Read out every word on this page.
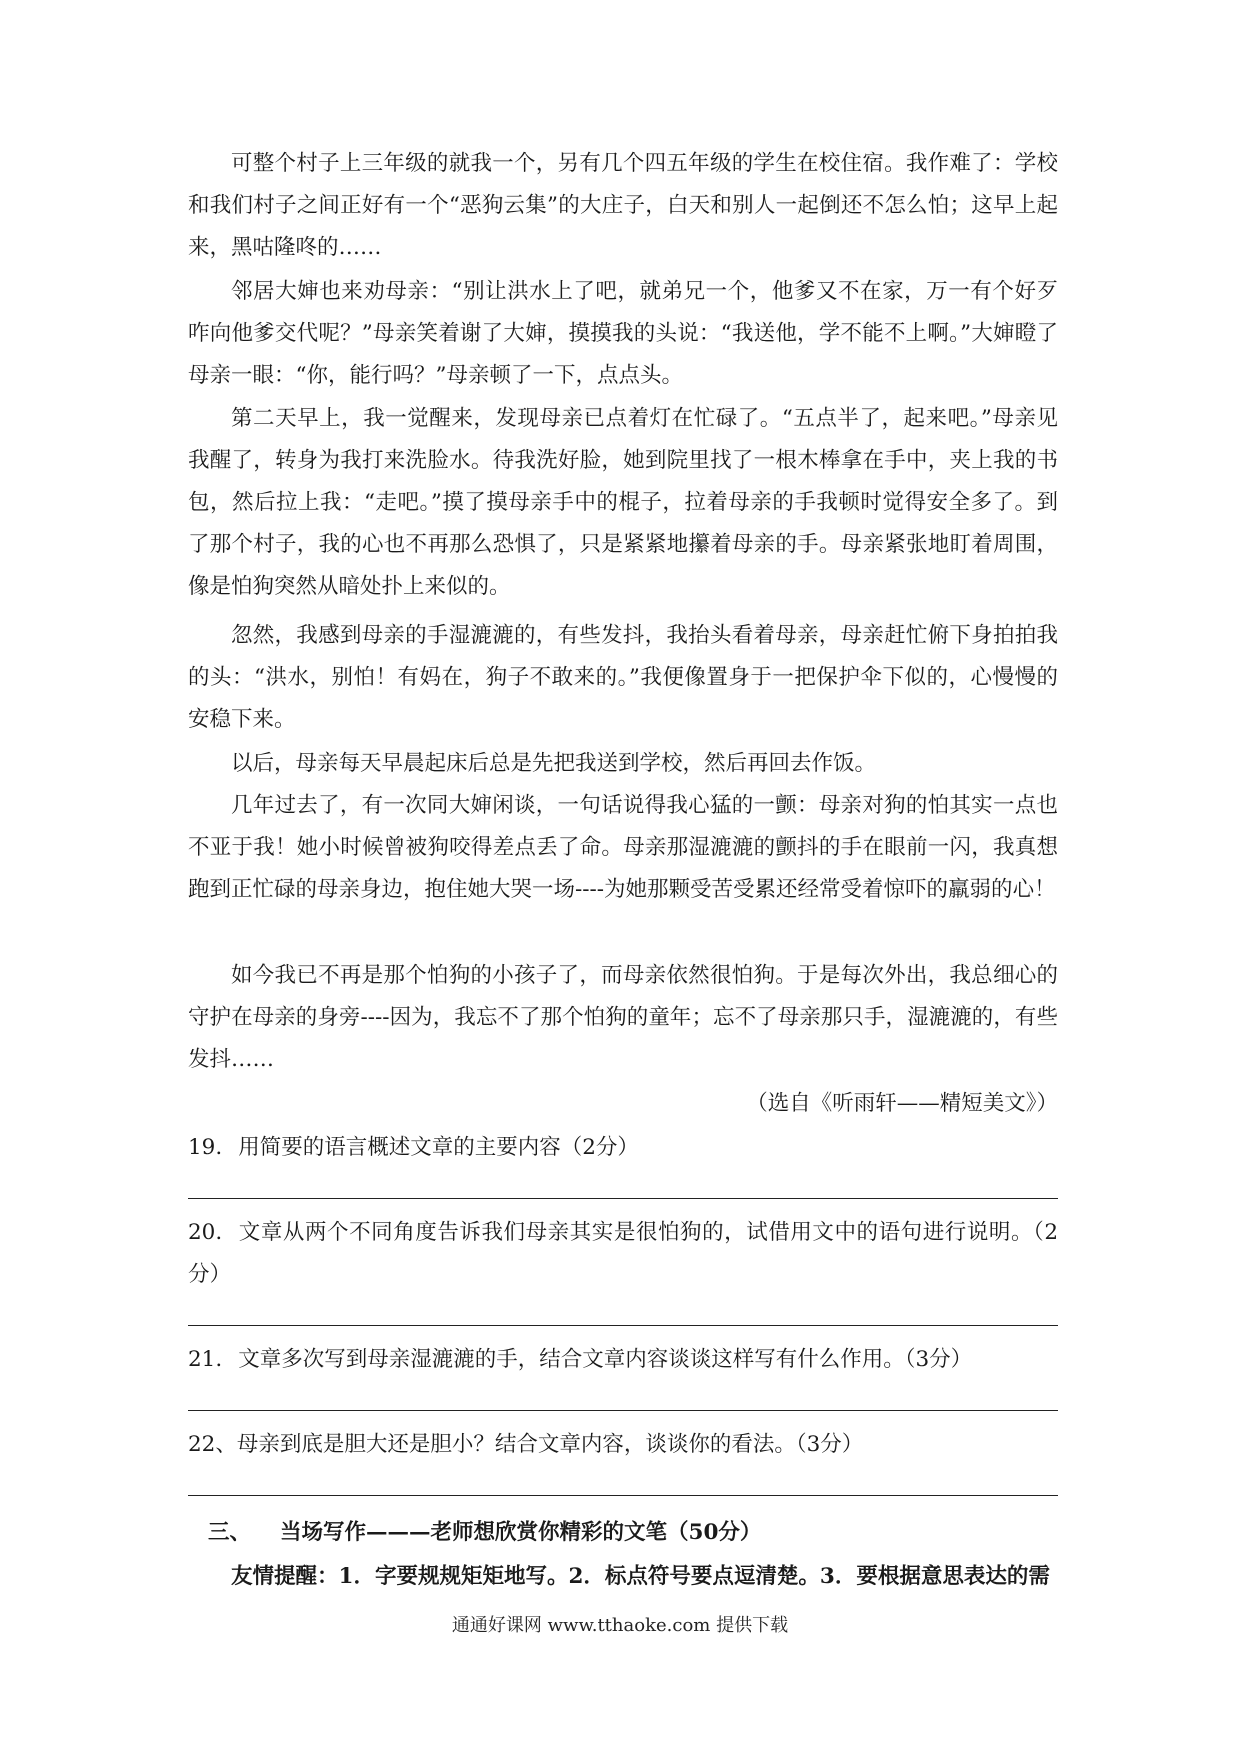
可整个村子上三年级的就我一个，另有几个四五年级的学生在校住宿。我作难了：学校和我们村子之间正好有一个“恶狗云集”的大庄子，白天和别人一起倒还不怎么怕；这早上起来，黑咕隆咚的……

邻居大婶也来劝母亲：“别让洪水上了吧，就弟兄一个，他爹又不在家，万一有个好歹咋向他爹交代呢？”母亲笑着谢了大婶，摸摸我的头说：“我送他，学不能不上啊。”大婶瞪了母亲一眼：“你，能行吗？”母亲顿了一下，点点头。

第二天早上，我一觉醒来，发现母亲已点着灯在忙碌了。“五点半了，起来吧。”母亲见我醒了，转身为我打来洗脸水。待我洗好脸，她到院里找了一根木棒拿在手中，夹上我的书包，然后拉上我：“走吧。”摸了摸母亲手中的棍子，拉着母亲的手我顿时觉得安全多了。到了那个村子，我的心也不再那么恐惧了，只是紧紧地攥着母亲的手。母亲紧张地盯着周围，像是怕狗突然从暗处扑上来似的。

忽然，我感到母亲的手湿漉漉的，有些发抖，我抬头看着母亲，母亲赶忙俯下身拍拍我的头：“洪水，别怕！有妈在，狗子不敢来的。”我便像置身于一把保护伞下似的，心慢慢的安稳下来。

以后，母亲每天早晨起床后总是先把我送到学校，然后再回去作饭。

几年过去了，有一次同大婶闲谈，一句话说得我心猛的一颤：母亲对狗的怕其实一点也不亚于我！她小时候曾被狗咬得差点丢了命。母亲那湿漉漉的颤抖的手在眼前一闪，我真想跑到正忙碌的母亲身边，抱住她大哭一场----为她那颗受苦受累还经常受着惊吓的羸弱的心！

如今我已不再是那个怕狗的小孩子了，而母亲依然很怕狗。于是每次外出，我总细心的守护在母亲的身旁----因为，我忘不了那个怕狗的童年；忘不了母亲那只手，湿漉漉的，有些发抖……

（选自《听雨轩——精短美文》）

19. 用简要的语言概述文章的主要内容（2分）

20. 文章从两个不同角度告诉我们母亲其实是很怕狗的，试借用文中的语句进行说明。（2分）

21. 文章多次写到母亲湿漉漉的手，结合文章内容谈谈这样写有什么作用。（3分）

22、母亲到底是胆大还是胆小？结合文章内容，谈谈你的看法。（3分）

三、 当场写作———老师想欣赏你精彩的文笔（50分）
友情提醒：1．字要规规矩矩地写。2．标点符号要点逗清楚。3．要根据意思表达的需
通通好课网 www.tthaoke.com 提供下载
